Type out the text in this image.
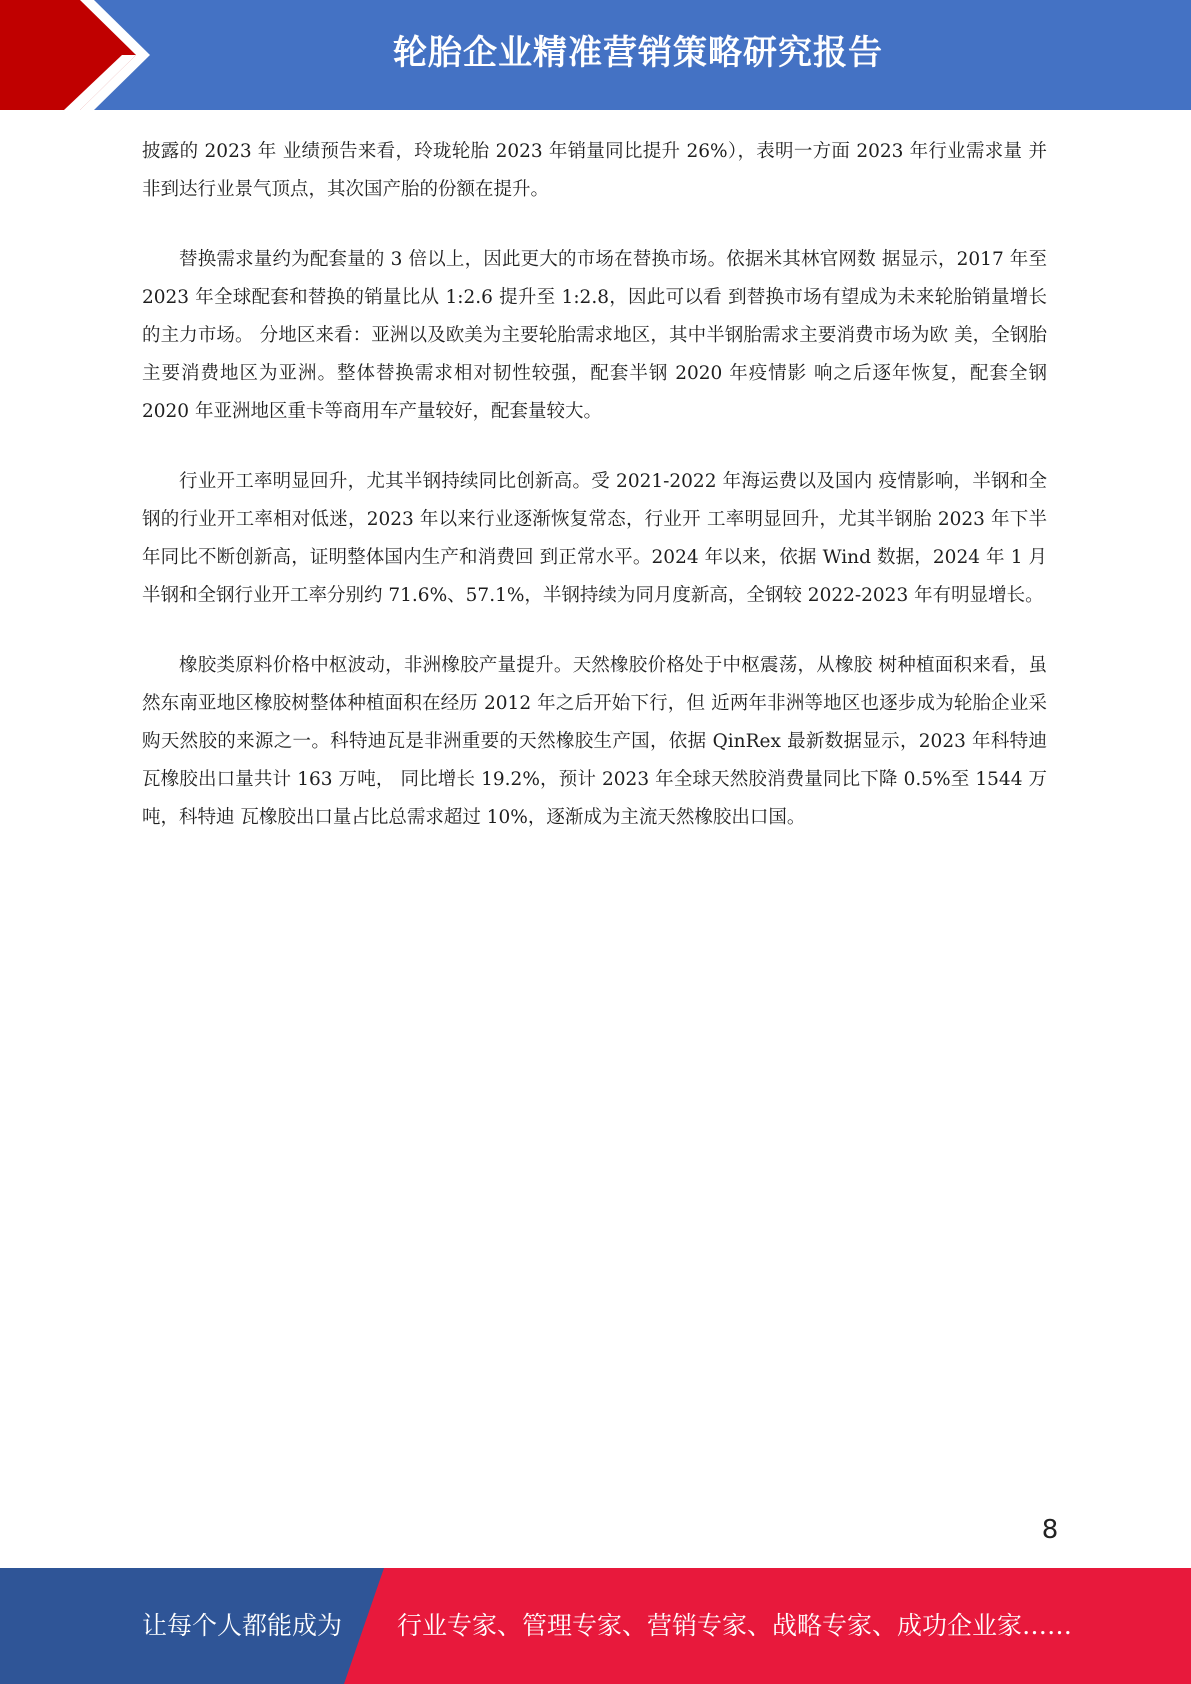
轮胎企业精准营销策略研究报告

披露的 2023 年 业绩预告来看，玲珑轮胎 2023 年销量同比提升 26%），表明一方面 2023 年行业需求量 并非到达行业景气顶点，其次国产胎的份额在提升。

替换需求量约为配套量的 3 倍以上，因此更大的市场在替换市场。依据米其林官网数 据显示，2017 年至 2023 年全球配套和替换的销量比从 1:2.6 提升至 1:2.8，因此可以看 到替换市场有望成为未来轮胎销量增长的主力市场。 分地区来看：亚洲以及欧美为主要轮胎需求地区，其中半钢胎需求主要消费市场为欧 美，全钢胎主要消费地区为亚洲。整体替换需求相对韧性较强，配套半钢 2020 年疫情影 响之后逐年恢复，配套全钢 2020 年亚洲地区重卡等商用车产量较好，配套量较大。

行业开工率明显回升，尤其半钢持续同比创新高。受 2021-2022 年海运费以及国内 疫情影响，半钢和全钢的行业开工率相对低迷，2023 年以来行业逐渐恢复常态，行业开 工率明显回升，尤其半钢胎 2023 年下半年同比不断创新高，证明整体国内生产和消费回 到正常水平。2024 年以来，依据 Wind 数据，2024 年 1 月半钢和全钢行业开工率分别约 71.6%、57.1%，半钢持续为同月度新高，全钢较 2022-2023 年有明显增长。

橡胶类原料价格中枢波动，非洲橡胶产量提升。天然橡胶价格处于中枢震荡，从橡胶 树种植面积来看，虽然东南亚地区橡胶树整体种植面积在经历 2012 年之后开始下行，但 近两年非洲等地区也逐步成为轮胎企业采购天然胶的来源之一。科特迪瓦是非洲重要的天然橡胶生产国，依据 QinRex 最新数据显示，2023 年科特迪瓦橡胶出口量共计 163 万吨， 同比增长 19.2%，预计 2023 年全球天然胶消费量同比下降 0.5%至 1544 万吨，科特迪 瓦橡胶出口量占比总需求超过 10%，逐渐成为主流天然橡胶出口国。

8
让每个人都能成为 行业专家、管理专家、营销专家、战略专家、成功企业家……
